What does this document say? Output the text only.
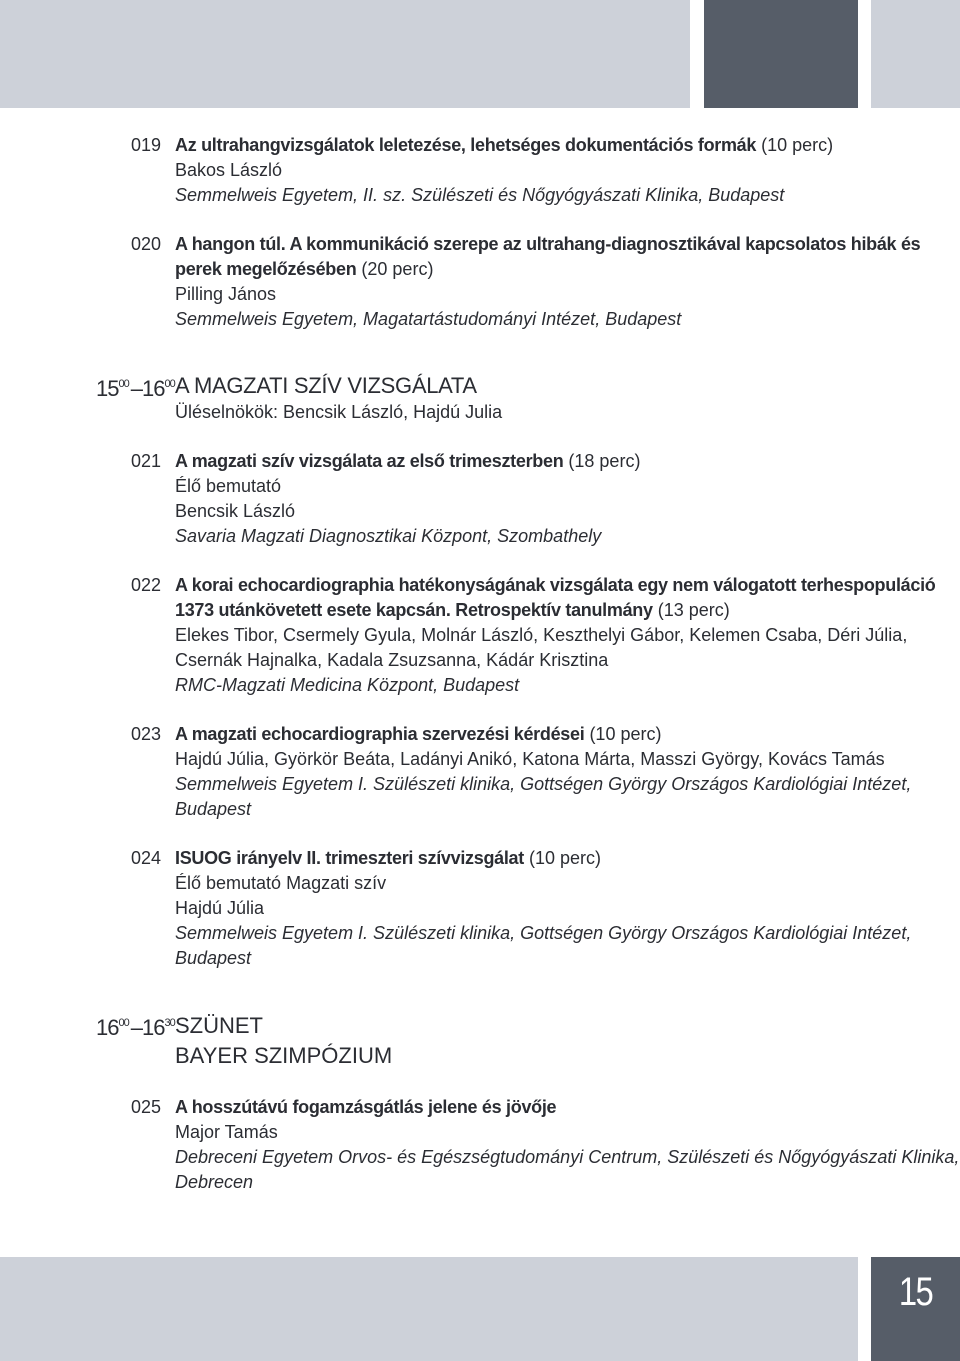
019 Az ultrahangvizsgálatok leletezése, lehetséges dokumentációs formák (10 perc)
Bakos László
Semmelweis Egyetem, II. sz. Szülészeti és Nőgyógyászati Klinika, Budapest
020 A hangon túl. A kommunikáció szerepe az ultrahang-diagnosztikával kapcsolatos hibák és perek megelőzésében (20 perc)
Pilling János
Semmelweis Egyetem, Magatartástudományi Intézet, Budapest
$15^{00}-16^{00}$ A MAGZATI SZÍV VIZSGÁLATA
Üléselnökök: Bencsik László, Hajdú Julia
021 A magzati szív vizsgálata az első trimeszterben (18 perc)
Élő bemutató
Bencsik László
Savaria Magzati Diagnosztikai Központ, Szombathely
022 A korai echocardiographia hatékonyságának vizsgálata egy nem válogatott terhespopuláció 1373 utánkövetett esete kapcsán. Retrospektív tanulmány (13 perc)
Elekes Tibor, Csermely Gyula, Molnár László, Keszthelyi Gábor, Kelemen Csaba, Déri Júlia, Csernák Hajnalka, Kadala Zsuzsanna, Kádár Krisztina
RMC-Magzati Medicina Központ, Budapest
023 A magzati echocardiographia szervezési kérdései (10 perc)
Hajdú Júlia, Györkör Beáta, Ladányi Anikó, Katona Márta, Masszi György, Kovács Tamás
Semmelweis Egyetem I. Szülészeti klinika, Gottségen György Országos Kardiológiai Intézet, Budapest
024 ISUOG irányelv II. trimeszteri szívvizsgálat (10 perc)
Élő bemutató Magzati szív
Hajdú Júlia
Semmelweis Egyetem I. Szülészeti klinika, Gottségen György Országos Kardiológiai Intézet, Budapest
$16^{00}-16^{30}$ SZÜNET
BAYER SZIMPÓZIUM
025 A hosszútávú fogamzásgátlás jelene és jövője
Major Tamás
Debreceni Egyetem Orvos- és Egészségtudományi Centrum, Szülészeti és Nőgyógyászati Klinika, Debrecen
15
